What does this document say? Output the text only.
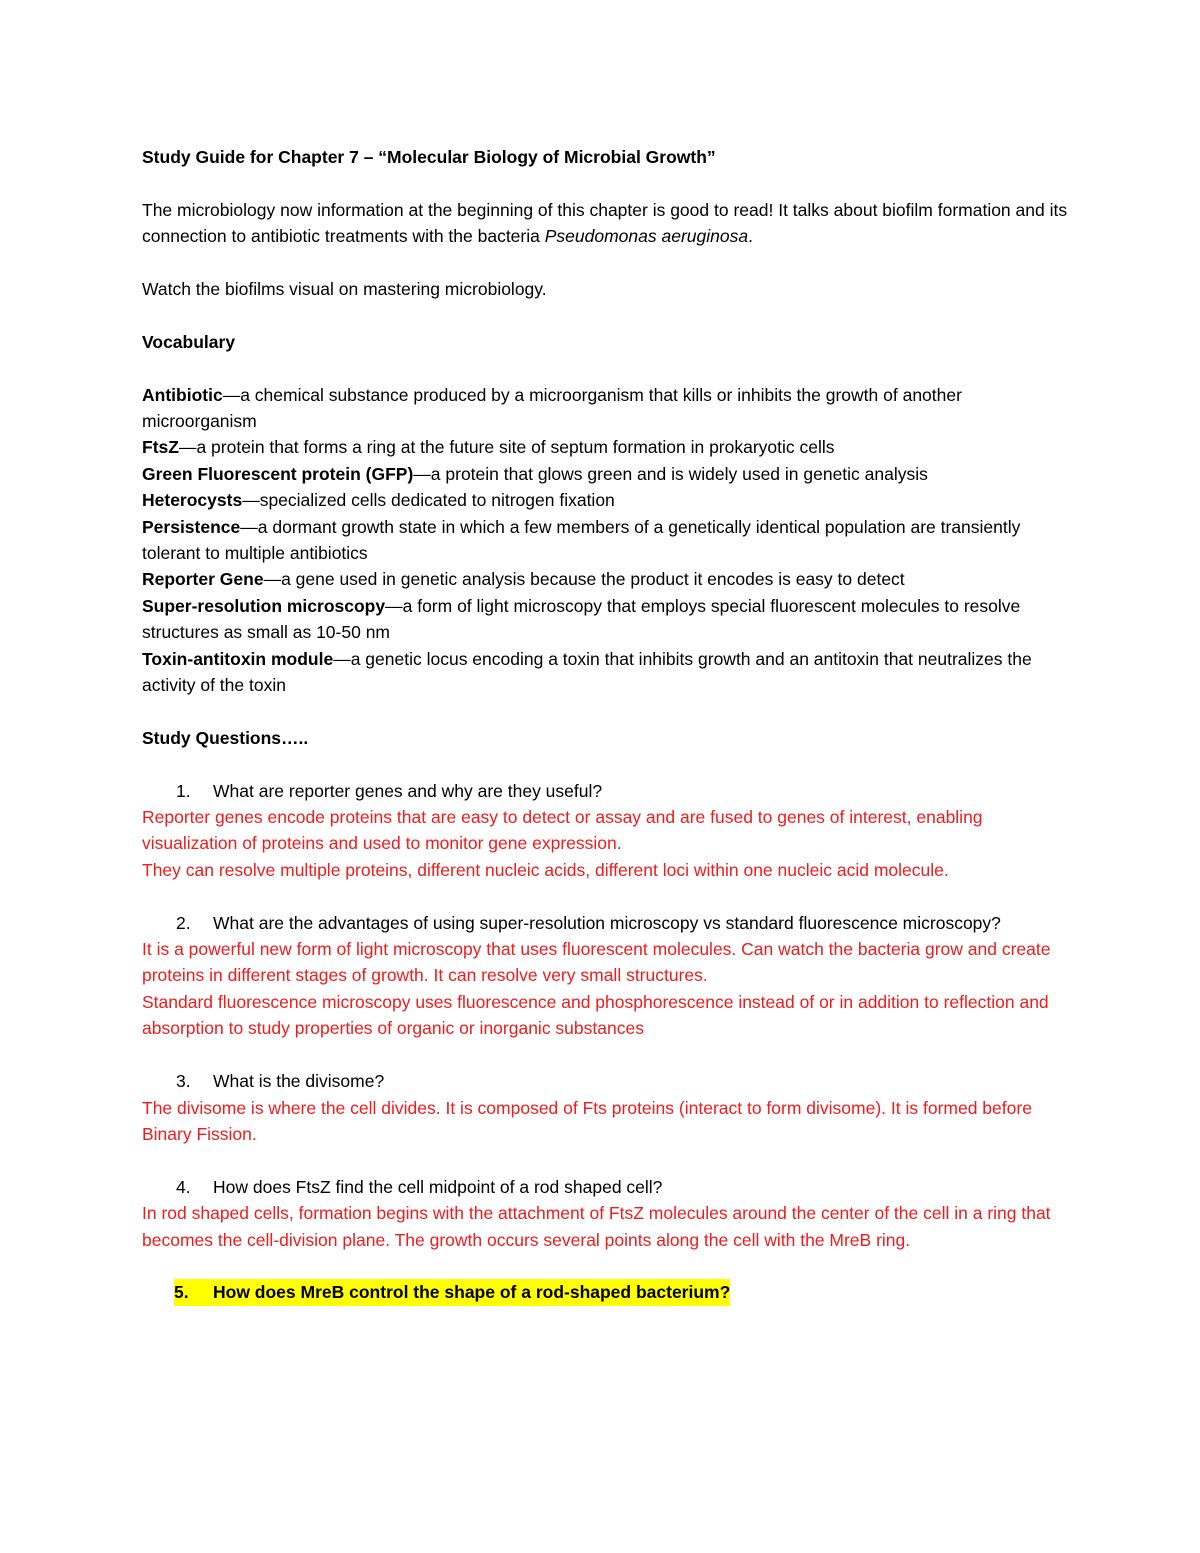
Study Guide for Chapter 7 – “Molecular Biology of Microbial Growth”

The microbiology now information at the beginning of this chapter is good to read! It talks about biofilm formation and its connection to antibiotic treatments with the bacteria Pseudomonas aeruginosa.

Watch the biofilms visual on mastering microbiology.

Vocabulary

Antibiotic—a chemical substance produced by a microorganism that kills or inhibits the growth of another microorganism

FtsZ—a protein that forms a ring at the future site of septum formation in prokaryotic cells

Green Fluorescent protein (GFP)—a protein that glows green and is widely used in genetic analysis

Heterocysts—specialized cells dedicated to nitrogen fixation

Persistence—a dormant growth state in which a few members of a genetically identical population are transiently tolerant to multiple antibiotics

Reporter Gene—a gene used in genetic analysis because the product it encodes is easy to detect

Super-resolution microscopy—a form of light microscopy that employs special fluorescent molecules to resolve structures as small as 10-50 nm

Toxin-antitoxin module—a genetic locus encoding a toxin that inhibits growth and an antitoxin that neutralizes the activity of the toxin

Study Questions…..

1. What are reporter genes and why are they useful?

Reporter genes encode proteins that are easy to detect or assay and are fused to genes of interest, enabling visualization of proteins and used to monitor gene expression.

They can resolve multiple proteins, different nucleic acids, different loci within one nucleic acid molecule.

2. What are the advantages of using super-resolution microscopy vs standard fluorescence microscopy?

It is a powerful new form of light microscopy that uses fluorescent molecules. Can watch the bacteria grow and create proteins in different stages of growth. It can resolve very small structures.

Standard fluorescence microscopy uses fluorescence and phosphorescence instead of or in addition to reflection and absorption to study properties of organic or inorganic substances

3. What is the divisome?

The divisome is where the cell divides. It is composed of Fts proteins (interact to form divisome). It is formed before Binary Fission.

4. How does FtsZ find the cell midpoint of a rod shaped cell?

In rod shaped cells, formation begins with the attachment of FtsZ molecules around the center of the cell in a ring that becomes the cell-division plane. The growth occurs several points along the cell with the MreB ring.

5. How does MreB control the shape of a rod-shaped bacterium?
